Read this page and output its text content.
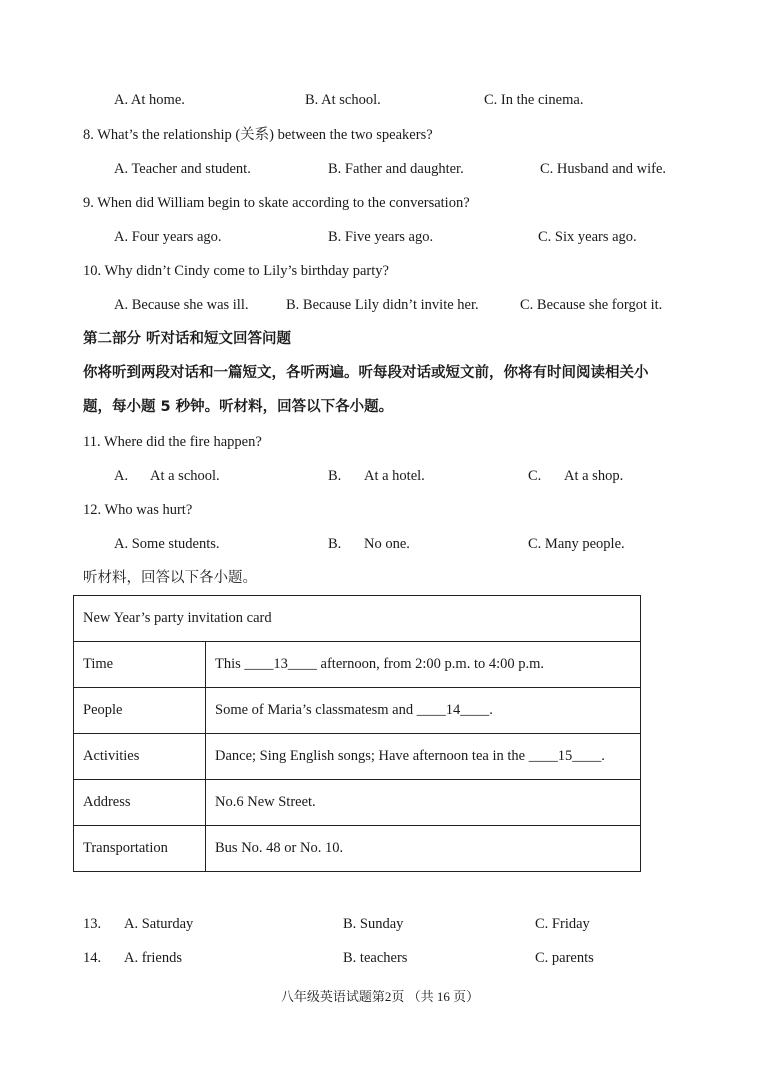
A. At home.	B. At school.	C. In the cinema.
8. What’s the relationship (关系) between the two speakers?
A. Teacher and student.	B. Father and daughter.	C. Husband and wife.
9. When did William begin to skate according to the conversation?
A. Four years ago.	B. Five years ago.	C. Six years ago.
10. Why didn’t Cindy come to Lily’s birthday party?
A. Because she was ill.	B. Because Lily didn’t invite her.	C. Because she forgot it.
第二部分 听对话和短文回答问题
你将听到两段对话和一篇短文，各听两遍。听每段对话或短文前，你将有时间阅读相关小
题，每小题 5 秒钟。听材料，回答以下各小题。
11. Where did the fire happen?
A. At a school.	B. At a hotel.	C. At a shop.
12. Who was hurt?
A. Some students.	B. No one.	C. Many people.
听材料，回答以下各小题。
New Year’s party invitation card	
Time	This ____13____ afternoon, from 2:00 p.m. to 4:00 p.m.
People	Some of Maria’s classmatesm and ____14____.
Activities	Dance; Sing English songs; Have afternoon tea in the ____15____.
Address	No.6 New Street.
Transportation	Bus No. 48 or No. 10.
13. A. Saturday	B. Sunday	C. Friday
14. A. friends	B. teachers	C. parents
八年级英语试题第2页 （共 16 页）
